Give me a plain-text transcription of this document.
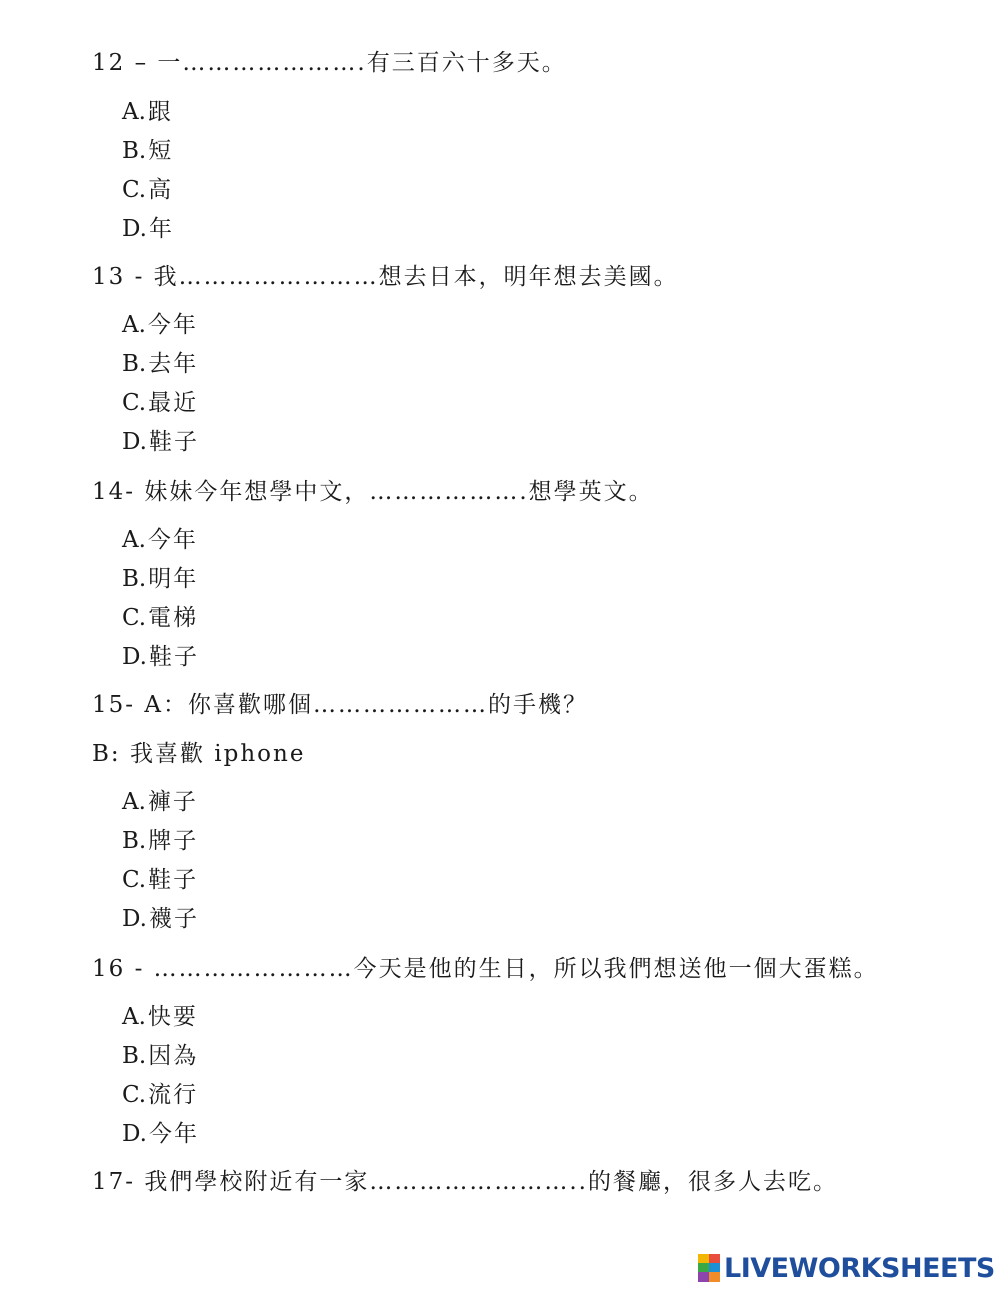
12 – 一………………….有三百六十多天。
A.跟
B.短
C.高
D.年
13 - 我……………………想去日本，明年想去美國。
A.今年
B.去年
C.最近
D.鞋子
14- 妹妹今年想學中文，……………….想學英文。
A.今年
B.明年
C.電梯
D.鞋子
15- A：你喜歡哪個…………………的手機？
B: 我喜歡 iphone
A.褲子
B.牌子
C.鞋子
D.襪子
16 - ……………………今天是他的生日，所以我們想送他一個大蛋糕。
A.快要
B.因為
C.流行
D.今年
17- 我們學校附近有一家……………………..的餐廳，很多人去吃。
LIVEWORKSHEETS
